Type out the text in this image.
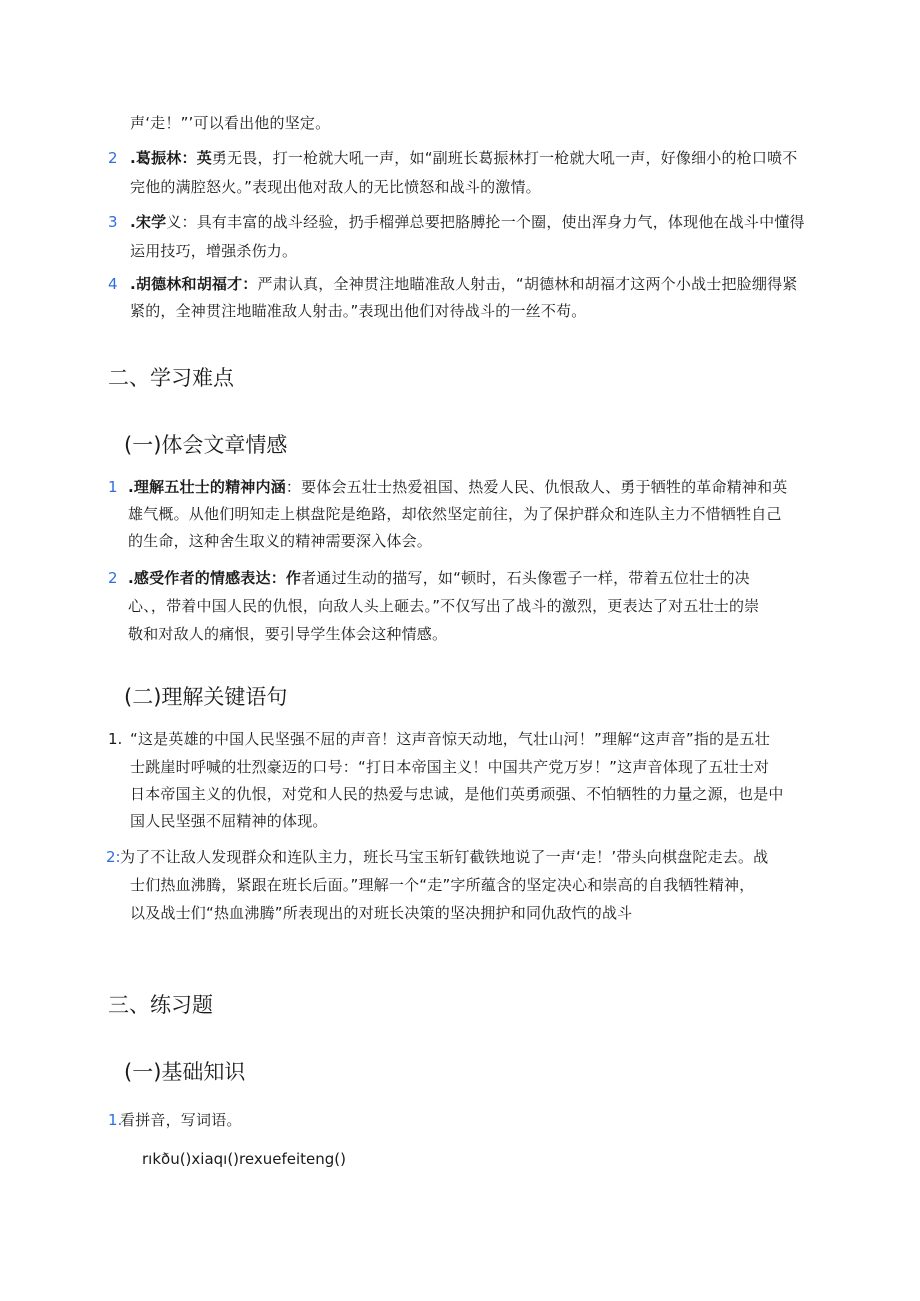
声‘走！”’可以看出他的坚定。
2 .葛振林：英勇无畏，打一枪就大吼一声，如“副班长葛振林打一枪就大吼一声，好像细小的枪口喷不
完他的满腔怒火。”表现出他对敌人的无比愤怒和战斗的激情。
3 .宋学义：具有丰富的战斗经验，扔手榴弹总要把胳膊抡一个圈，使出浑身力气，体现他在战斗中懂得
运用技巧，增强杀伤力。
4 .胡德林和胡福才：严肃认真，全神贯注地瞄准敌人射击，“胡德林和胡福才这两个小战士把脸绷得紧
紧的，全神贯注地瞄准敌人射击。”表现出他们对待战斗的一丝不苟。
二、学习难点
(一)体会文章情感
1 .理解五壮士的精神内涵：要体会五壮士热爱祖国、热爱人民、仇恨敌人、勇于牺牲的革命精神和英
雄气概。从他们明知走上棋盘陀是绝路，却依然坚定前往，为了保护群众和连队主力不惜牺牲自己
的生命，这种舍生取义的精神需要深入体会。
2 .感受作者的情感表达：作者通过生动的描写，如“顿时，石头像雹子一样，带着五位壮士的决
心、，带着中国人民的仇恨，向敌人头上砸去。”不仅写出了战斗的激烈，更表达了对五壮士的崇
敬和对敌人的痛恨，要引导学生体会这种情感。
(二)理解关键语句
1. “这是英雄的中国人民坚强不屈的声音！这声音惊天动地，气壮山河！”理解“这声音”指的是五壮
士跳崖时呼喊的壮烈豪迈的口号：“打日本帝国主义！中国共产党万岁！”这声音体现了五壮士对
日本帝国主义的仇恨，对党和人民的热爱与忠诚，是他们英勇顽强、不怕牺牲的力量之源，也是中
国人民坚强不屈精神的体现。
2: 为了不让敌人发现群众和连队主力，班长马宝玉斩钉截铁地说了一声‘走！’带头向棋盘陀走去。战
士们热血沸腾，紧跟在班长后面。”理解一个“走”字所蕴含的坚定决心和崇高的自我牺牲精神，
以及战士们“热血沸腾”所表现出的对班长决策的坚决拥护和同仇敌忾的战斗
三、练习题
(一)基础知识
1.
看拼音，写词语。
rıkðu()xiaqı()rexuefeiteng()
